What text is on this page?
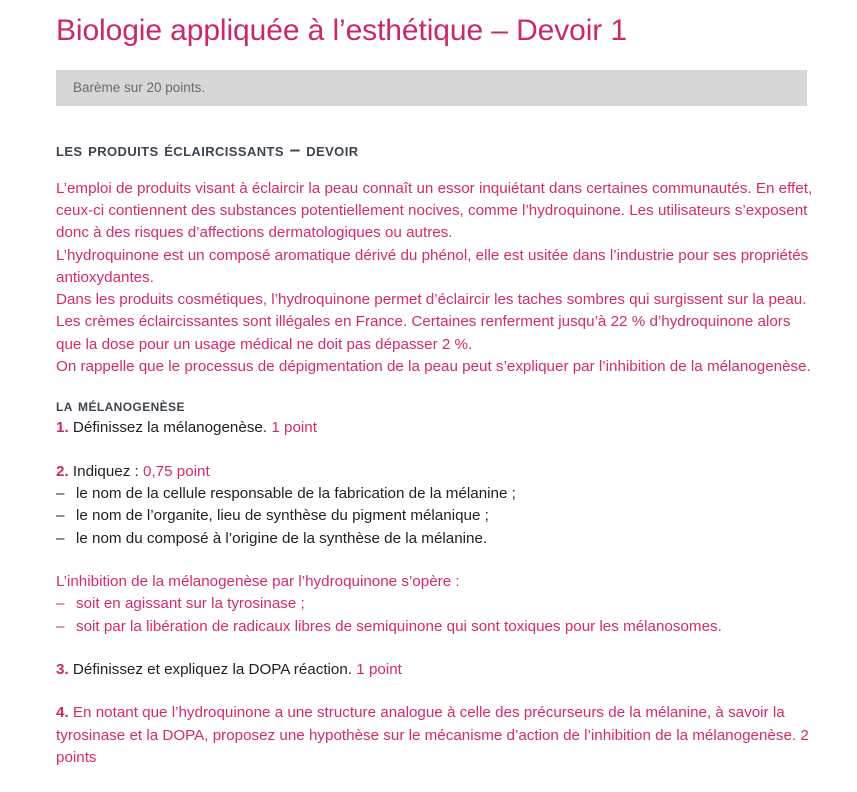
Biologie appliquée à l’esthétique – Devoir 1
Barème sur 20 points.
les produits éclaircissants – devoir

L’emploi de produits visant à éclaircir la peau connaît un essor inquiétant dans certaines communautés. En effet, ceux-ci contiennent des substances potentiellement nocives, comme l’hydroquinone. Les utilisateurs s’exposent donc à des risques d’affections dermatologiques ou autres.

L’hydroquinone est un composé aromatique dérivé du phénol, elle est usitée dans l’industrie pour ses propriétés antioxydantes.

Dans les produits cosmétiques, l’hydroquinone permet d’éclaircir les taches sombres qui surgissent sur la peau.

Les crèmes éclaircissantes sont illégales en France. Certaines renferment jusqu’à 22 % d’hydroquinone alors que la dose pour un usage médical ne doit pas dépasser 2 %.

On rappelle que le processus de dépigmentation de la peau peut s’expliquer par l’inhibition de la mélanogenèse.

la mélanogenèse

1. Définissez la mélanogenèse. 1 point

2. Indiquez : 0,75 point

– le nom de la cellule responsable de la fabrication de la mélanine ;
– le nom de l’organite, lieu de synthèse du pigment mélanique ;
– le nom du composé à l’origine de la synthèse de la mélanine.

L’inhibition de la mélanogenèse par l’hydroquinone s’opère :

– soit en agissant sur la tyrosinase ;
– soit par la libération de radicaux libres de semiquinone qui sont toxiques pour les mélanosomes.

3. Définissez et expliquez la DOPA réaction. 1 point

4. En notant que l’hydroquinone a une structure analogue à celle des précurseurs de la mélanine, à savoir la tyrosinase et la DOPA, proposez une hypothèse sur le mécanisme d’action de l’inhibition de la mélanogenèse. 2 points
